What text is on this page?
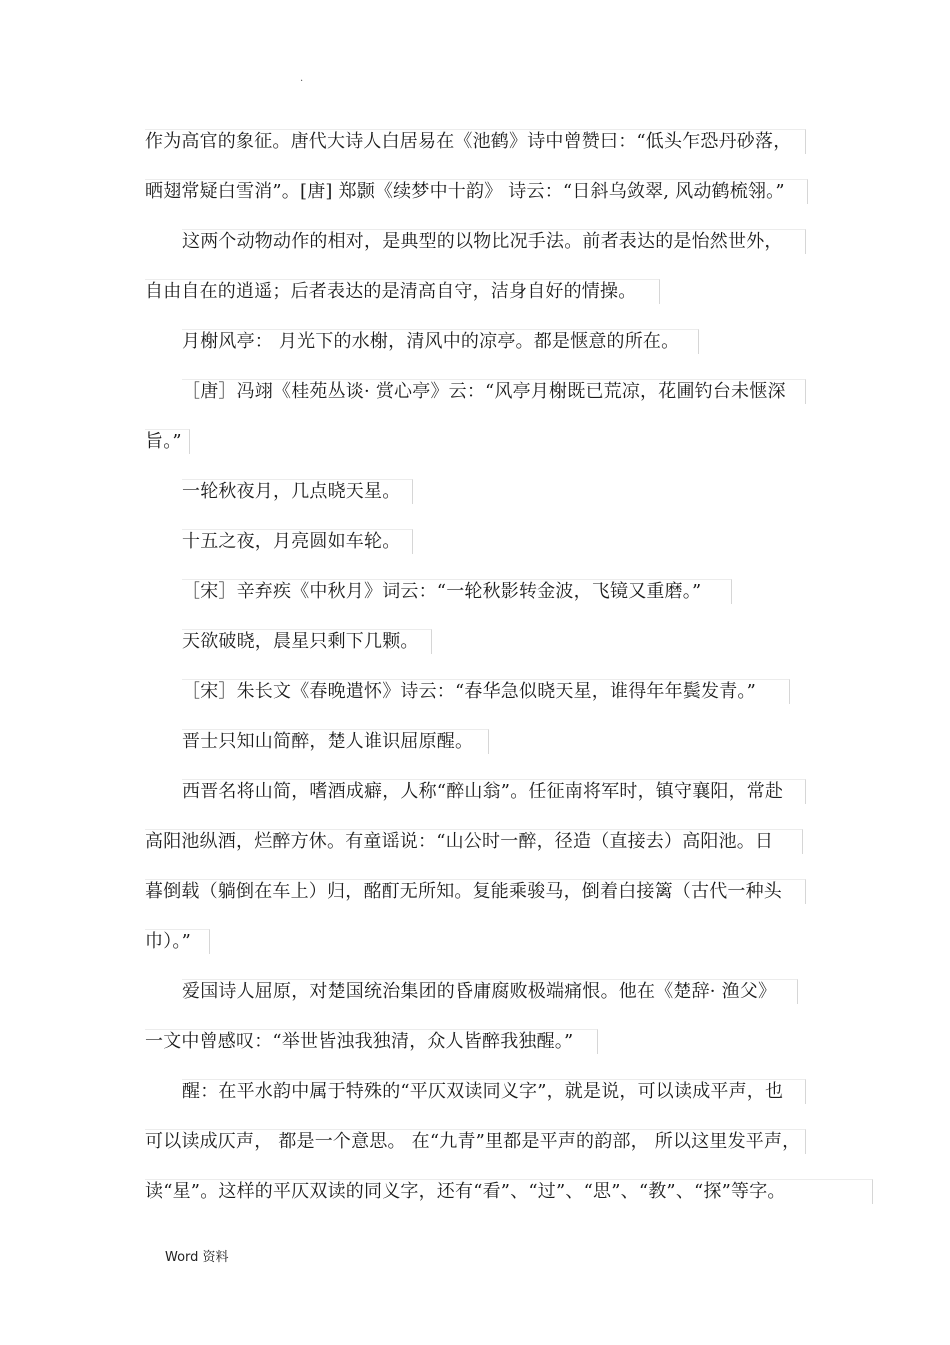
.
作为高官的象征。唐代大诗人白居易在《池鹤》诗中曾赞曰：“低头乍恐丹砂落，
晒翅常疑白雪消”。[唐] 郑颢《续梦中十韵》 诗云：“日斜乌敛翠, 风动鹤梳翎。”
这两个动物动作的相对，是典型的以物比况手法。前者表达的是怡然世外，
自由自在的逍遥；后者表达的是清高自守，洁身自好的情操。
月榭风亭： 月光下的水榭，清风中的凉亭。都是惬意的所在。
［唐］冯翊《桂苑丛谈· 赏心亭》云：“风亭月榭既已荒凉，花圃钓台未惬深
旨。”
一轮秋夜月，几点晓天星。
十五之夜，月亮圆如车轮。
［宋］辛弃疾《中秋月》词云：“一轮秋影转金波，飞镜又重磨。”
天欲破晓，晨星只剩下几颗。
［宋］朱长文《春晚遣怀》诗云：“春华急似晓天星，谁得年年鬓发青。”
晋士只知山简醉，楚人谁识屈原醒。
西晋名将山简，嗜酒成癖，人称“醉山翁”。任征南将军时，镇守襄阳，常赴
高阳池纵酒，烂醉方休。有童谣说：“山公时一醉，径造（直接去）高阳池。日
暮倒载（躺倒在车上）归，酩酊无所知。复能乘骏马，倒着白接篱（古代一种头
巾）。”
爱国诗人屈原，对楚国统治集团的昏庸腐败极端痛恨。他在《楚辞· 渔父》
一文中曾感叹：“举世皆浊我独清，众人皆醉我独醒。”
醒：在平水韵中属于特殊的“平仄双读同义字”，就是说，可以读成平声，也
可以读成仄声， 都是一个意思。 在“九青”里都是平声的韵部， 所以这里发平声，
读“星”。这样的平仄双读的同义字，还有“看”、“过”、“思”、“教”、“探”等字。
Word 资料
